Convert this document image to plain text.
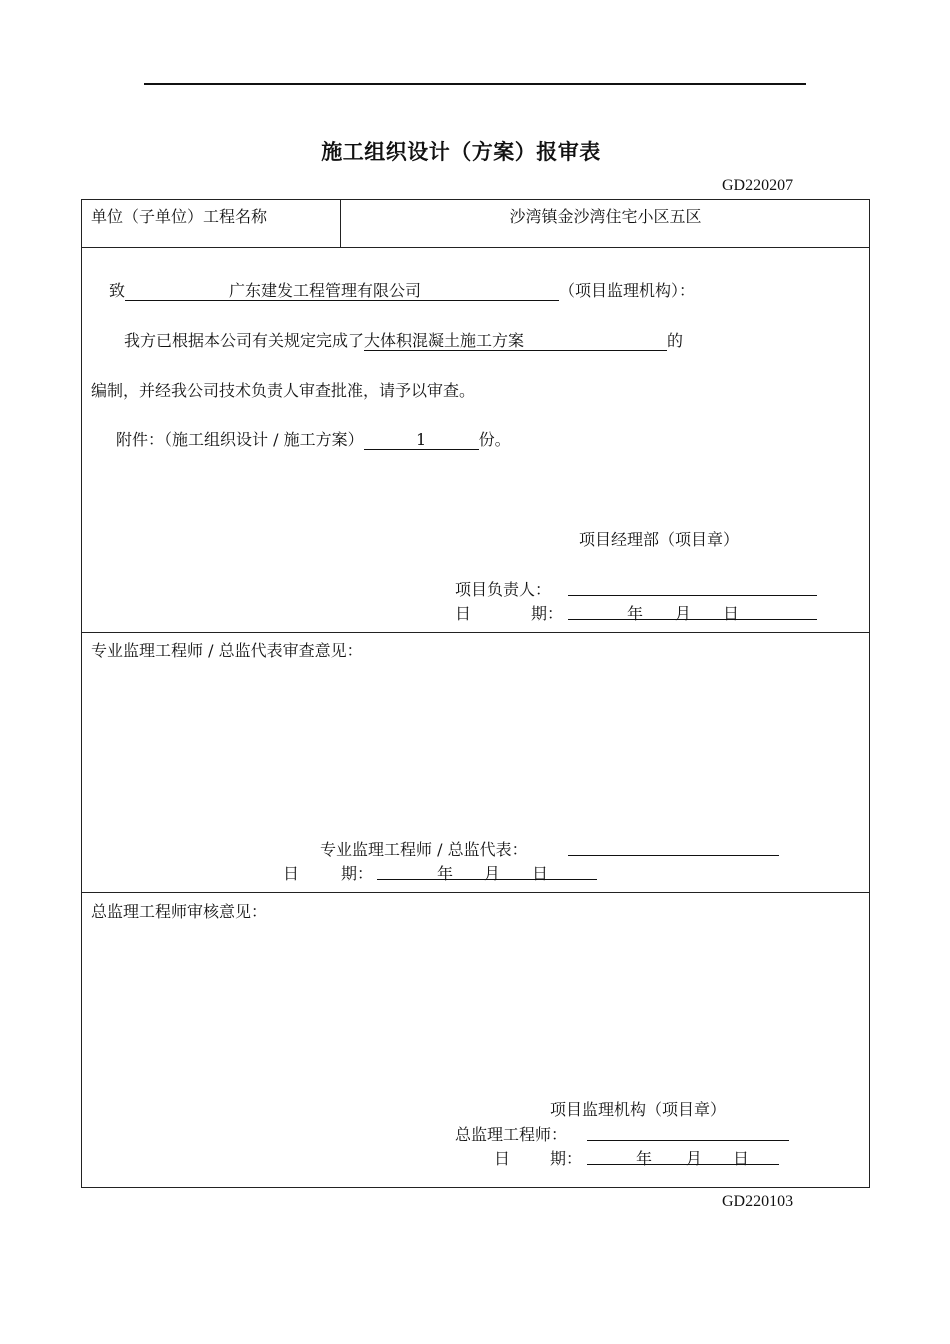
施工组织设计（方案）报审表
GD220207
单位（子单位）工程名称	沙湾镇金沙湾住宅小区五区
致	广东建发工程管理有限公司	（项目监理机构）：
我方已根据本公司有关规定完成了大体积混凝土施工方案	的
编制，并经我公司技术负责人审查批准，请予以审查。
附件：（施工组织设计 / 施工方案）	1	份。
项目经理部（项目章）
项目负责人：
日	期：	年 月 日
专业监理工程师 / 总监代表审查意见：
专业监理工程师 / 总监代表：
日	期：	年 月 日
总监理工程师审核意见：
项目监理机构（项目章）
总监理工程师：
日 期：	年 月 日
GD220103
